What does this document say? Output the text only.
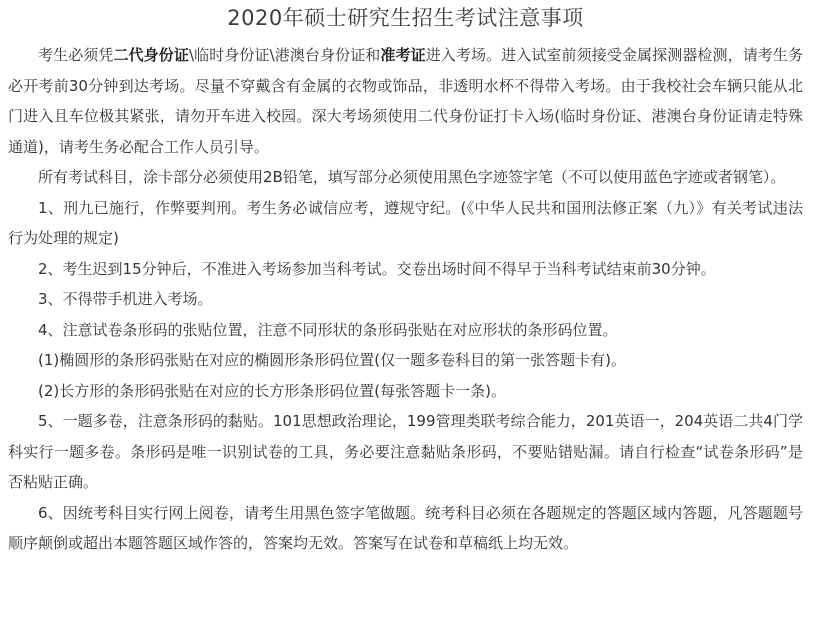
2020年硕士研究生招生考试注意事项

考生必须凭二代身份证\临时身份证\港澳台身份证和准考证进入考场。进入试室前须接受金属探测器检测，请考生务必开考前30分钟到达考场。尽量不穿戴含有金属的衣物或饰品，非透明水杯不得带入考场。由于我校社会车辆只能从北门进入且车位极其紧张，请勿开车进入校园。深大考场须使用二代身份证打卡入场(临时身份证、港澳台身份证请走特殊通道)，请考生务必配合工作人员引导。

所有考试科目，涂卡部分必须使用2B铅笔，填写部分必须使用黑色字迹签字笔（不可以使用蓝色字迹或者钢笔）。

1、刑九已施行，作弊要判刑。考生务必诚信应考，遵规守纪。(《中华人民共和国刑法修正案（九）》有关考试违法行为处理的规定)

2、考生迟到15分钟后，不准进入考场参加当科考试。交卷出场时间不得早于当科考试结束前30分钟。

3、不得带手机进入考场。

4、注意试卷条形码的张贴位置，注意不同形状的条形码张贴在对应形状的条形码位置。

(1)椭圆形的条形码张贴在对应的椭圆形条形码位置(仅一题多卷科目的第一张答题卡有)。

(2)长方形的条形码张贴在对应的长方形条形码位置(每张答题卡一条)。

5、一题多卷，注意条形码的黏贴。101思想政治理论，199管理类联考综合能力，201英语一，204英语二共4门学科实行一题多卷。条形码是唯一识别试卷的工具，务必要注意黏贴条形码，不要贴错贴漏。请自行检查“试卷条形码”是否粘贴正确。

6、因统考科目实行网上阅卷，请考生用黑色签字笔做题。统考科目必须在各题规定的答题区域内答题，凡答题题号顺序颠倒或超出本题答题区域作答的，答案均无效。答案写在试卷和草稿纸上均无效。
